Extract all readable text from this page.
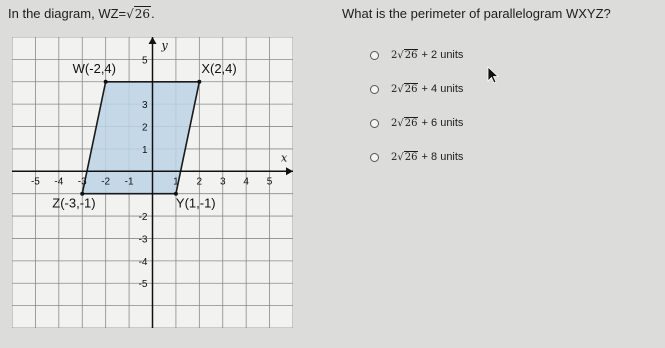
In the diagram, WZ=√26.	What is the perimeter of parallelogram WXYZ?
x
y
-5 -4 -3 -2 -1	1 2 3 4 5
5
3
2
1
-2
-3
-4
-5
W(-2,4)	X(2,4)
Y(1,-1)
Z(-3,-1)
2√26 + 2 units
2√26 + 4 units
2√26 + 6 units
2√26 + 8 units
